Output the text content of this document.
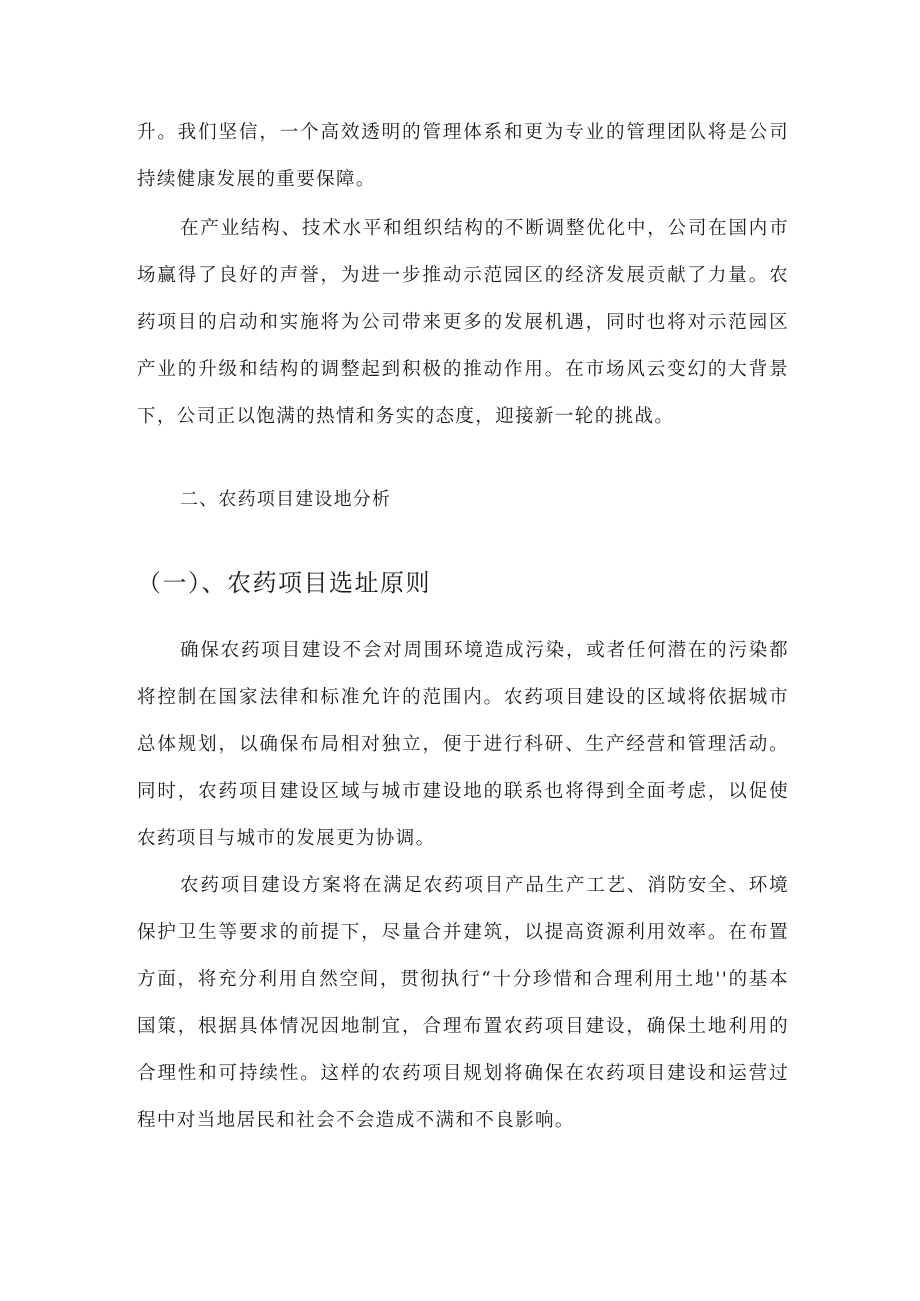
升。我们坚信，一个高效透明的管理体系和更为专业的管理团队将是公司持续健康发展的重要保障。

在产业结构、技术水平和组织结构的不断调整优化中，公司在国内市场赢得了良好的声誉，为进一步推动示范园区的经济发展贡献了力量。农药项目的启动和实施将为公司带来更多的发展机遇，同时也将对示范园区产业的升级和结构的调整起到积极的推动作用。在市场风云变幻的大背景下，公司正以饱满的热情和务实的态度，迎接新一轮的挑战。

二、农药项目建设地分析
（一）、农药项目选址原则

确保农药项目建设不会对周围环境造成污染，或者任何潜在的污染都将控制在国家法律和标准允许的范围内。农药项目建设的区域将依据城市总体规划，以确保布局相对独立，便于进行科研、生产经营和管理活动。同时，农药项目建设区域与城市建设地的联系也将得到全面考虑，以促使农药项目与城市的发展更为协调。

农药项目建设方案将在满足农药项目产品生产工艺、消防安全、环境保护卫生等要求的前提下，尽量合并建筑，以提高资源利用效率。在布置方面，将充分利用自然空间，贯彻执行“十分珍惜和合理利用土地''的基本国策，根据具体情况因地制宜，合理布置农药项目建设，确保土地利用的合理性和可持续性。这样的农药项目规划将确保在农药项目建设和运营过程中对当地居民和社会不会造成不满和不良影响。
